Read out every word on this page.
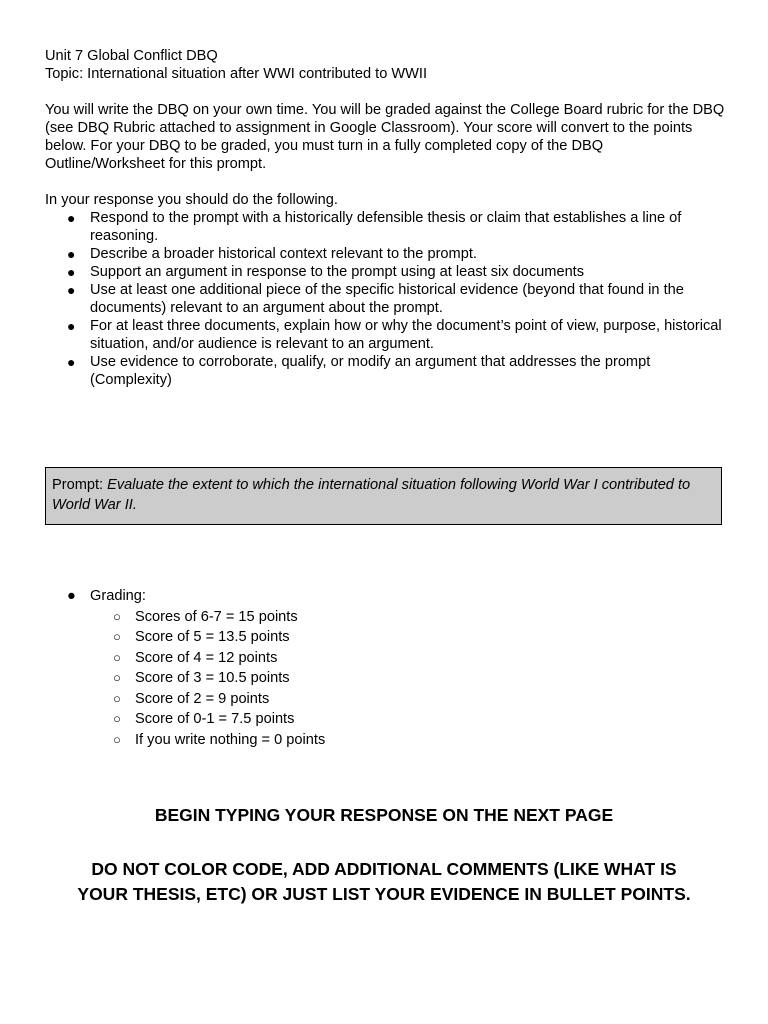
Unit 7 Global Conflict DBQ

Topic: International situation after WWI contributed to WWII

You will write the DBQ on your own time. You will be graded against the College Board rubric for the DBQ (see DBQ Rubric attached to assignment in Google Classroom). Your score will convert to the points below. For your DBQ to be graded, you must turn in a fully completed copy of the DBQ Outline/Worksheet for this prompt.

In your response you should do the following.

● Respond to the prompt with a historically defensible thesis or claim that establishes a line of reasoning.
● Describe a broader historical context relevant to the prompt.
● Support an argument in response to the prompt using at least six documents
● Use at least one additional piece of the specific historical evidence (beyond that found in the documents) relevant to an argument about the prompt.
● For at least three documents, explain how or why the document’s point of view, purpose, historical situation, and/or audience is relevant to an argument.
● Use evidence to corroborate, qualify, or modify an argument that addresses the prompt (Complexity)
Prompt: Evaluate the extent to which the international situation following World War I contributed to World War II.
● Grading:
○ Scores of 6-7 = 15 points
○ Score of 5 = 13.5 points
○ Score of 4 = 12 points
○ Score of 3 = 10.5 points
○ Score of 2 = 9 points
○ Score of 0-1 = 7.5 points
○ If you write nothing = 0 points
BEGIN TYPING YOUR RESPONSE ON THE NEXT PAGE
DO NOT COLOR CODE, ADD ADDITIONAL COMMENTS (LIKE WHAT IS
YOUR THESIS, ETC) OR JUST LIST YOUR EVIDENCE IN BULLET POINTS.
